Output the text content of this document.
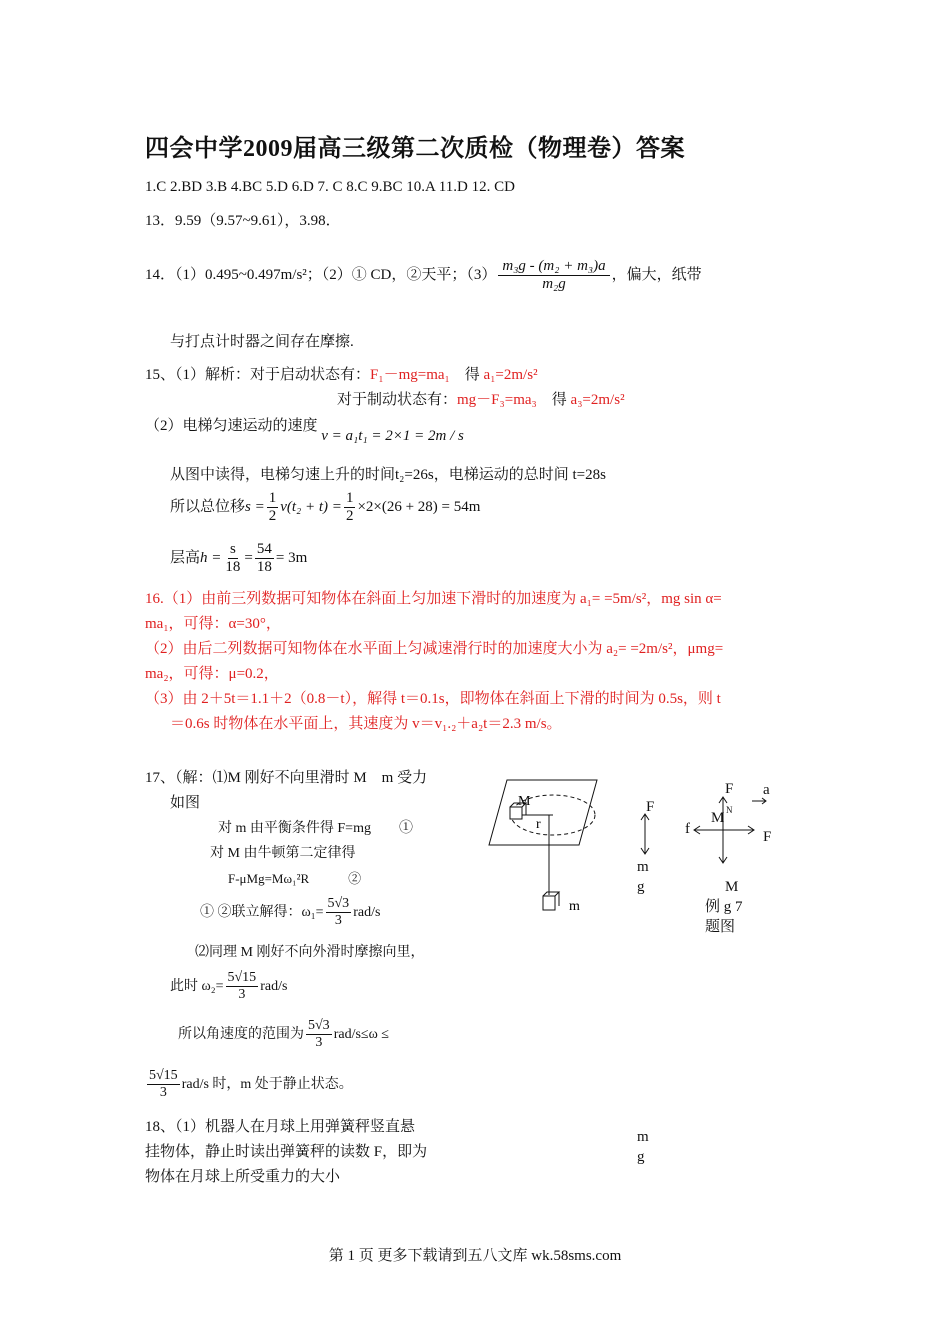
四会中学2009届高三级第二次质检（物理卷）答案
1.C 2.BD 3.B 4.BC 5.D 6.D 7. C 8.C 9.BC 10.A 11.D 12. CD
13．9.59（9.57~9.61），3.98．
14．（1）0.495~0.497m/s²；（2）① CD，②天平；$(3) \frac{\text{m₃g - (m₂ + m₃)a}}{\text{m₂g}}$ ，偏大，纸带
与打点计时器之间存在摩擦.
15、（1）解析：对于启动状态有：F₁－mg=ma₁ 得 a₁=2m/s²
对于制动状态有：mg－F₃=ma₃ 得 a₃=2m/s²
（2）电梯匀速运动的速度 v = a₁t₁ = 2×1 = 2m / s
从图中读得，电梯匀速上升的时间t₂=26s，电梯运动的总时间 t=28s
所以总位移$s = \frac{1}{2} v(t_2 + t) = \frac{1}{2} \times 2\times(26 + 28) = 54m$
层高$h = \frac{s}{18} = \frac{54}{18} = 3m$
16.（1）由前三列数据可知物体在斜面上匀加速下滑时的加速度为 a₁= =5m/s²，mg sin α=
ma₁，可得：α=30°，
（2）由后二列数据可知物体在水平面上匀减速滑行时的加速度大小为 a₂= =2m/s²，μmg=
ma₂，可得：μ=0.2，
（3）由 2＋5t＝1.1＋2（0.8－t），解得 t＝0.1s，即物体在斜面上下滑的时间为 0.5s，则 t
＝0.6s 时物体在水平面上，其速度为 v＝v₁.₂＋a₂t＝2.3 m/s。
17、（解：⑴M 刚好不向里滑时 M　m 受力
如图
对 m 由平衡条件得 F=mg　　①
对 M 由牛顿第二定律得
F-μMg=Mω₁²R　　　②
① ②联立解得：$\omega_1= \frac{5√3}{3} rad/s$
⑵同理 M 刚好不向外滑时摩擦向里，
此时 $\omega_2= \frac{5√15}{3} rad/s$
所以角速度的范围为 $\frac{5√3}{3} rad/s\le\omega$ ≤
$\frac{5√15}{3} rad/s$ 时，m 处于静止状态。
18、（1）机器人在月球上用弹簧秤竖直悬
挂物体，静止时读出弹簧秤的读数 F，即为
物体在月球上所受重力的大小
M
r
m
F
m
g
F
N
a
M
f	F
M
例 g 7
题图
m
g
第 1 页 更多下载请到五八文库 wk.58sms.com
